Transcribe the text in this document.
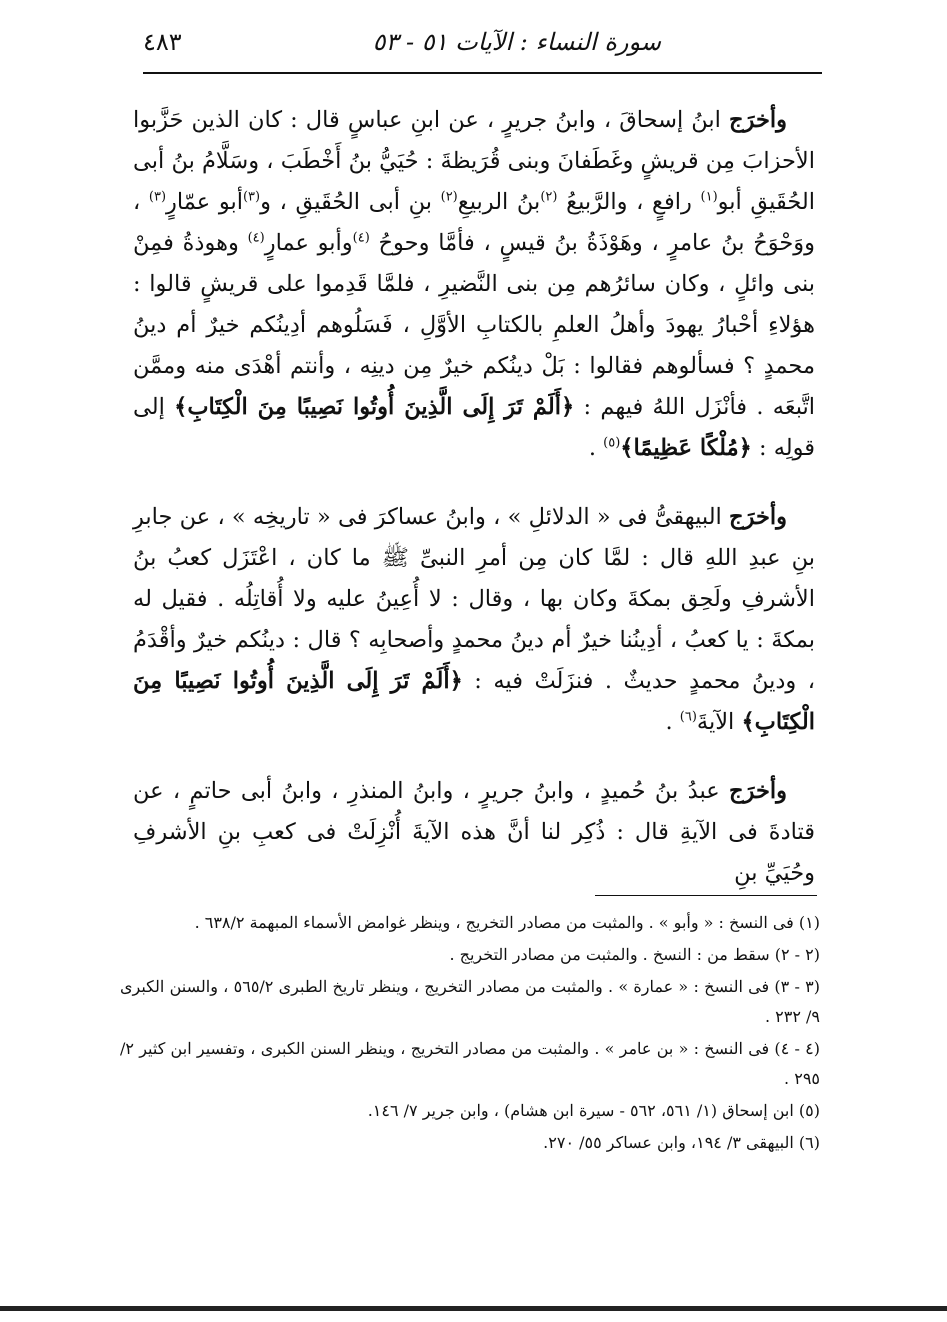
٤٨٣	سورة النساء : الآيات ٥١ - ٥٣

وأخرَج ابنُ إسحاقَ ، وابنُ جريرٍ ، عن ابنِ عباسٍ قال : كان الذين حَزَّبوا الأحزابَ مِن قريشٍ وغَطَفانَ وبنى قُرَيظةَ : حُيَيُّ بنُ أَخْطَبَ ، وسَلَّامُ بنُ أبى الحُقَيقِ أبو$^{(١)}$ رافعٍ ، والرَّبيعُ $^{(٢)}$بنُ الربيعِ$^{(٢)}$ بنِ أبى الحُقَيقِ ، و$^{(٣)}$أبو عمّارٍ$^{(٣)}$ ، ووَحْوَحُ بنُ عامرٍ ، وهَوْذَةُ بنُ قيسٍ ، فأمَّا وحوحُ $^{(٤)}$وأبو عمارٍ$^{(٤)}$ وهوذةُ فمِنْ بنى وائلٍ ، وكان سائرُهم مِن بنى النَّضيرِ ، فلمَّا قَدِموا على قريشٍ قالوا : هؤلاءِ أحْبارُ يهودَ وأهلُ العلمِ بالكتابِ الأوَّلِ ، فَسَلُوهم أدِينُكم خيرٌ أم دينُ محمدٍ ؟ فسألوهم فقالوا : بَلْ دينُكم خيرٌ مِن دينِه ، وأنتم أهْدَى منه وممَّن اتَّبعَه . فأنْزَل اللهُ فيهم : ﴿أَلَمْ تَرَ إِلَى الَّذِينَ أُوتُوا نَصِيبًا مِنَ الْكِتَابِ﴾ إلى قولِه : ﴿مُلْكًا عَظِيمًا﴾$^{(٥)}$ .

وأخرَج البيهقىُّ فى « الدلائلِ » ، وابنُ عساكرَ فى « تاريخِه » ، عن جابرِ بنِ عبدِ اللهِ قال : لمَّا كان مِن أمرِ النبىِّ ﷺ ما كان ، اعْتَزَل كعبُ بنُ الأشرفِ ولَحِق بمكةَ وكان بها ، وقال : لا أُعِينُ عليه ولا أُقاتِلُه . فقيل له بمكةَ : يا كعبُ ، أدِينُنا خيرٌ أم دينُ محمدٍ وأصحابِه ؟ قال : دينُكم خيرٌ وأقْدَمُ ، ودينُ محمدٍ حديثٌ . فنزَلَتْ فيه : ﴿أَلَمْ تَرَ إِلَى الَّذِينَ أُوتُوا نَصِيبًا مِنَ الْكِتَابِ﴾ الآيةَ$^{(٦)}$ .

وأخرَج عبدُ بنُ حُميدٍ ، وابنُ جريرٍ ، وابنُ المنذرِ ، وابنُ أبى حاتمٍ ، عن قتادةَ فى الآيةِ قال : ذُكِر لنا أنَّ هذه الآيةَ أُنْزِلَتْ فى كعبِ بنِ الأشرفِ وحُيَيِّ بنِ

(١) فى النسخ : « وأبو » . والمثبت من مصادر التخريج ، وينظر غوامض الأسماء المبهمة ٦٣٨/٢ .
(٢ - ٢) سقط من : النسخ . والمثبت من مصادر التخريج .
(٣ - ٣) فى النسخ : « عمارة » . والمثبت من مصادر التخريج ، وينظر تاريخ الطبرى ٥٦٥/٢ ، والسنن الكبرى ٩/ ٢٣٢ .
(٤ - ٤) فى النسخ : « بن عامر » . والمثبت من مصادر التخريج ، وينظر السنن الكبرى ، وتفسير ابن كثير ٢/ ٢٩٥ .
(٥) ابن إسحاق (١/ ٥٦١، ٥٦٢ - سيرة ابن هشام) ، وابن جرير ٧/ ١٤٦.
(٦) البيهقى ٣/ ١٩٤، وابن عساكر ٥٥/ ٢٧٠.
